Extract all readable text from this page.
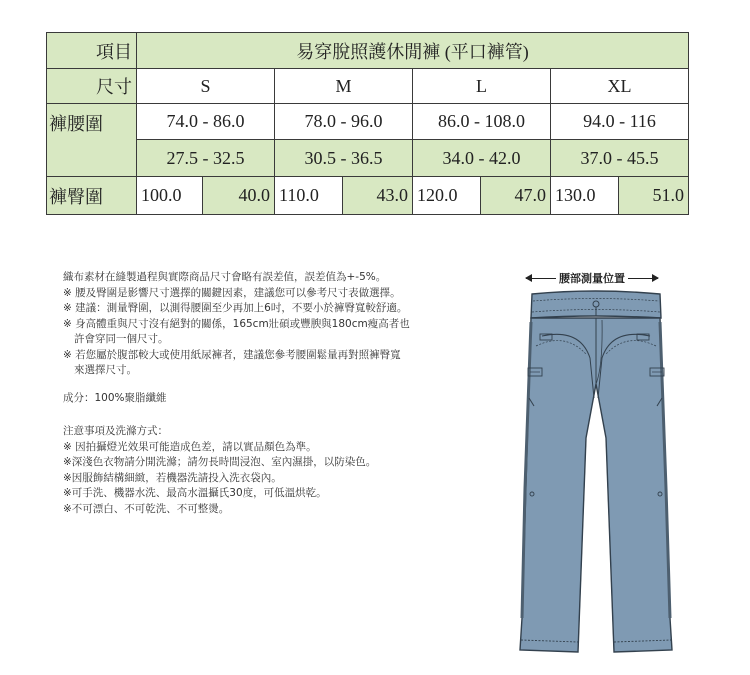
項目	易穿脫照護休閒褲 (平口褲管)							
尺寸	S		M		L		XL	
褲腰圍	74.0 - 86.0		78.0 - 96.0		86.0 - 108.0		94.0 - 116	
	27.5 - 32.5		30.5 - 36.5		34.0 - 42.0		37.0 - 45.5	
褲臀圍	100.0	40.0	110.0	43.0	120.0	47.0	130.0	51.0

織布素材在縫製過程與實際商品尺寸會略有誤差值，誤差值為+-5%。

※ 腰及臀圍是影響尺寸選擇的關鍵因素，建議您可以參考尺寸表做選擇。

※ 建議：測量臀圍，以測得腰圍至少再加上6吋，不要小於褲臀寬較舒適。

※ 身高體重與尺寸沒有絕對的關係，165cm壯碩或豐腴與180cm瘦高者也

許會穿同一個尺寸。

※ 若您屬於腹部較大或使用紙尿褲者，建議您參考腰圍鬆量再對照褲臀寬

來選擇尺寸。

成分：100%聚脂纖維

注意事項及洗滌方式：

※ 因拍攝燈光效果可能造成色差，請以實品顏色為準。

※深淺色衣物請分開洗滌；請勿長時間浸泡、室內濕掛，以防染色。

※因服飾結構細緻，若機器洗請投入洗衣袋內。

※可手洗、機器水洗、最高水溫攝氏30度，可低溫烘乾。

※不可漂白、不可乾洗、不可整燙。

腰部測量位置
